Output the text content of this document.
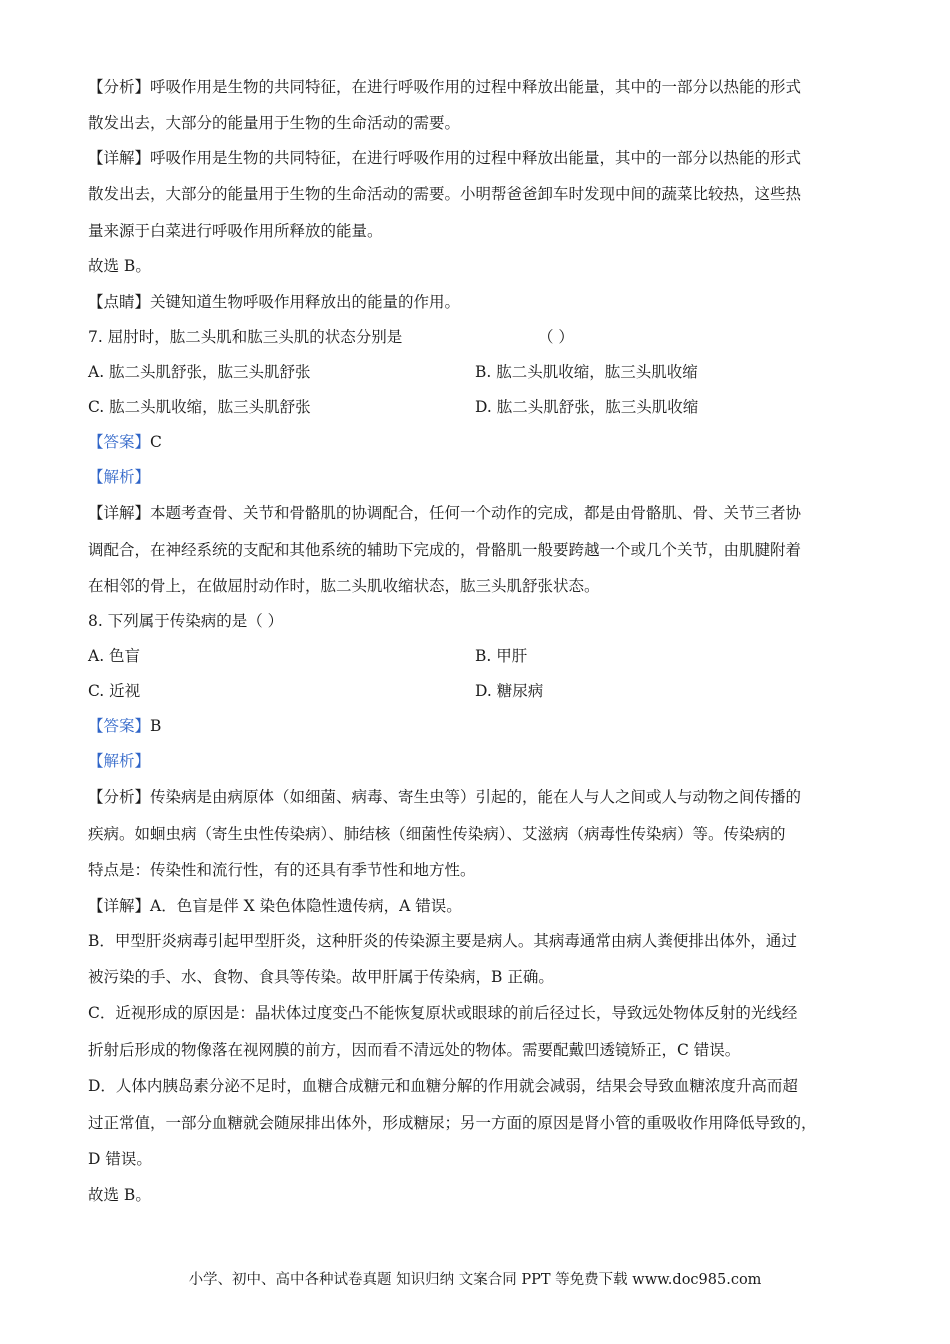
【分析】呼吸作用是生物的共同特征，在进行呼吸作用的过程中释放出能量，其中的一部分以热能的形式
散发出去，大部分的能量用于生物的生命活动的需要。
【详解】呼吸作用是生物的共同特征，在进行呼吸作用的过程中释放出能量，其中的一部分以热能的形式
散发出去，大部分的能量用于生物的生命活动的需要。小明帮爸爸卸车时发现中间的蔬菜比较热，这些热
量来源于白菜进行呼吸作用所释放的能量。
故选 B。
【点睛】关键知道生物呼吸作用释放出的能量的作用。
7. 屈肘时，肱二头肌和肱三头肌的状态分别是	（ ）
A. 肱二头肌舒张，肱三头肌舒张	B. 肱二头肌收缩，肱三头肌收缩
C. 肱二头肌收缩，肱三头肌舒张	D. 肱二头肌舒张，肱三头肌收缩
【答案】C
【解析】
【详解】本题考查骨、关节和骨骼肌的协调配合，任何一个动作的完成，都是由骨骼肌、骨、关节三者协
调配合，在神经系统的支配和其他系统的辅助下完成的，骨骼肌一般要跨越一个或几个关节，由肌腱附着
在相邻的骨上，在做屈肘动作时，肱二头肌收缩状态，肱三头肌舒张状态。
8. 下列属于传染病的是（ ）
A. 色盲	B. 甲肝
C. 近视	D. 糖尿病
【答案】B
【解析】
【分析】传染病是由病原体（如细菌、病毒、寄生虫等）引起的，能在人与人之间或人与动物之间传播的
疾病。如蛔虫病（寄生虫性传染病）、肺结核（细菌性传染病）、艾滋病（病毒性传染病）等。传染病的
特点是：传染性和流行性，有的还具有季节性和地方性。
【详解】A．色盲是伴 X 染色体隐性遗传病，A 错误。
B．甲型肝炎病毒引起甲型肝炎，这种肝炎的传染源主要是病人。其病毒通常由病人粪便排出体外，通过
被污染的手、水、食物、食具等传染。故甲肝属于传染病，B 正确。
C．近视形成的原因是：晶状体过度变凸不能恢复原状或眼球的前后径过长，导致远处物体反射的光线经
折射后形成的物像落在视网膜的前方，因而看不清远处的物体。需要配戴凹透镜矫正，C 错误。
D．人体内胰岛素分泌不足时，血糖合成糖元和血糖分解的作用就会减弱，结果会导致血糖浓度升高而超
过正常值，一部分血糖就会随尿排出体外，形成糖尿；另一方面的原因是肾小管的重吸收作用降低导致的，
D 错误。
故选 B。
小学、初中、高中各种试卷真题 知识归纳 文案合同 PPT 等免费下载 www.doc985.com
